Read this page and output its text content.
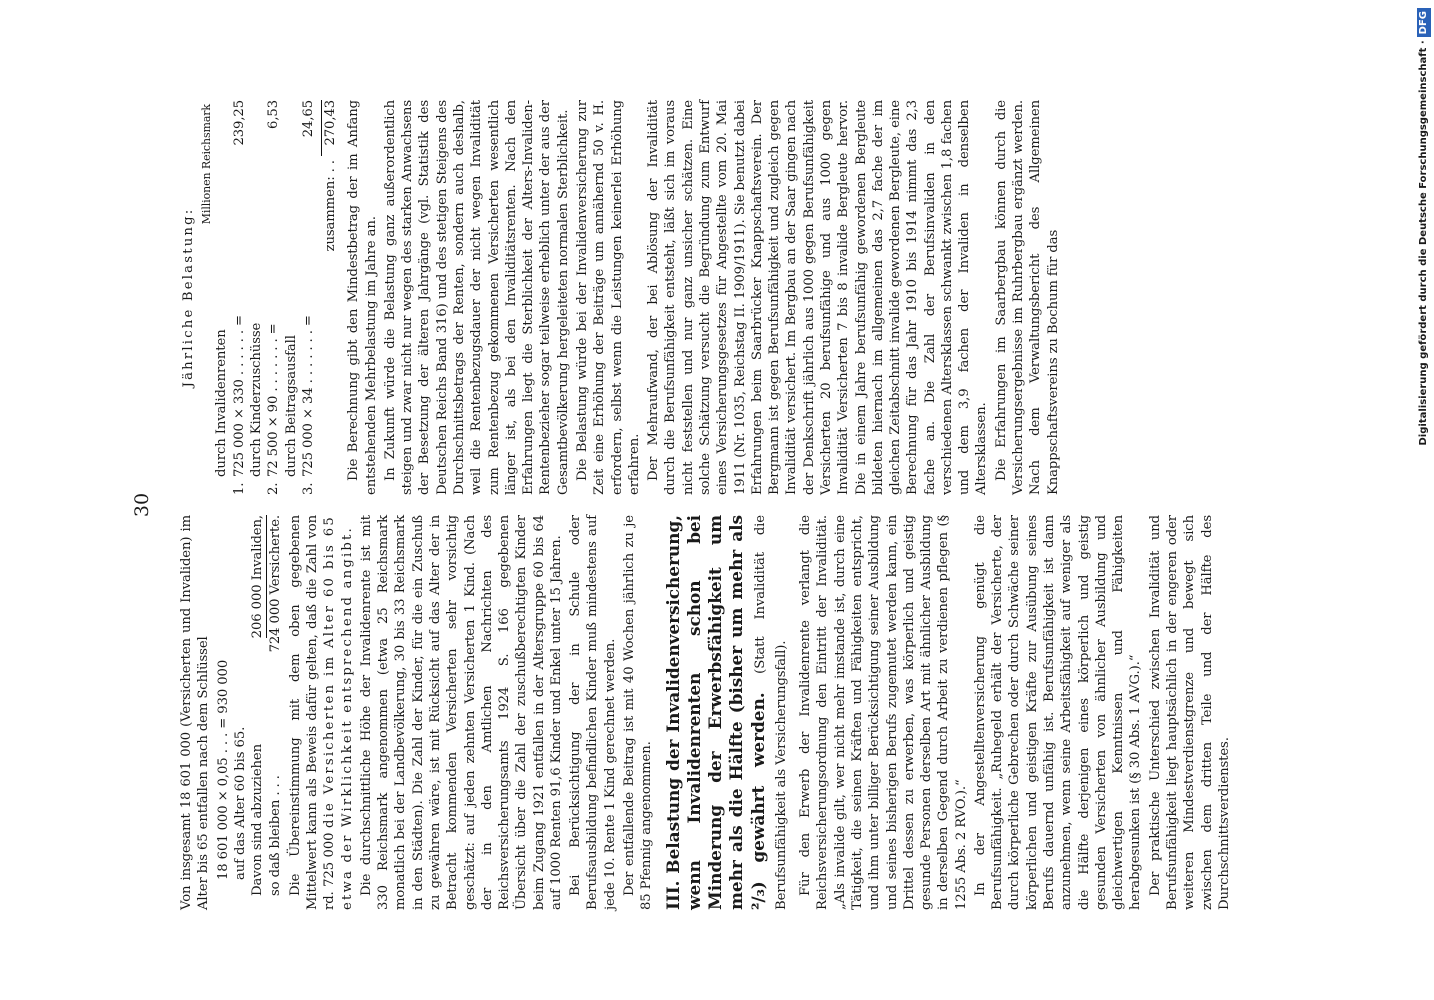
30

Von insgesamt 18 601 000 (Versicherten und Invaliden) im Alter bis 65 entfallen nach dem Schlüssel 18 601 000 × 0,05 . . . = 930 000 auf das Alter 60 bis 65. Davon sind abzuziehen
206 000 Invaliden,
so daß bleiben . . .
724 000 Versicherte. Die Übereinstimmung mit dem oben gegebenen Mittelwert kann als Beweis dafür gelten, daß die Zahl von rd. 725 000 die Versicherten im Alter 60 bis 65 etwa der Wirklichkeit entsprechend angibt. Die durchschnittliche Höhe der Invalidenrente ist mit 330 Reichsmark angenommen (etwa 25 Reichsmark monatlich bei der Landbevölkerung, 30 bis 33 Reichsmark in den Städten). Die Zahl der Kinder, für die ein Zuschuß zu gewähren wäre, ist mit Rücksicht auf das Alter der in Betracht kommenden Versicherten sehr vorsichtig geschätzt: auf jeden zehnten Versicherten 1 Kind. (Nach der in den Amtlichen Nachrichten des Reichsversicherungsamts 1924 S. 166 gegebenen Übersicht über die Zahl der zuschußberechtigten Kinder beim Zugang 1921 entfallen in der Altersgruppe 60 bis 64 auf 1000 Renten 91,6 Kinder und Enkel unter 15 Jahren. Bei Berücksichtigung der in Schule oder Berufsausbildung befindlichen Kinder muß mindestens auf jede 10. Rente 1 Kind gerechnet werden. Der entfallende Beitrag ist mit 40 Wochen jährlich zu je 85 Pfennig angenommen. III. Belastung der Invalidenversicherung, wenn Invalidenrenten schon bei Minderung der Erwerbsfähigkeit um mehr als die Hälfte (bisher um mehr als ²/₃) gewährt werden. (Statt Invalidität die Berufsunfähigkeit als Versicherungsfall). Für den Erwerb der Invalidenrente verlangt die Reichsversicherungsordnung den Eintritt der Invalidität. „Als invalide gilt, wer nicht mehr imstande ist, durch eine Tätigkeit, die seinen Kräften und Fähigkeiten entspricht, und ihm unter billiger Berücksichtigung seiner Ausbildung und seines bisherigen Berufs zugemutet werden kann, ein Drittel dessen zu erwerben, was körperlich und geistig gesunde Personen derselben Art mit ähnlicher Ausbildung in derselben Gegend durch Arbeit zu verdienen pflegen (§ 1255 Abs. 2 RVO.).“ In der Angestelltenversicherung genügt die Berufsunfähigkeit. „Ruhegeld erhält der Versicherte, der durch körperliche Gebrechen oder durch Schwäche seiner körperlichen und geistigen Kräfte zur Ausübung seines Berufs dauernd unfähig ist. Berufsunfähigkeit ist dann anzunehmen, wenn seine Arbeitsfähigkeit auf weniger als die Hälfte derjenigen eines körperlich und geistig gesunden Versicherten von ähnlicher Ausbildung und gleichwertigen Kenntnissen und Fähigkeiten herabgesunken ist (§ 30 Abs. 1 AVG.).“ Der praktische Unterschied zwischen Invalidität und Berufsunfähigkeit liegt hauptsächlich in der engeren oder weiteren Mindestverdienstgrenze und bewegt sich zwischen dem dritten Teile und der Hälfte des Durchschnittsverdienstes.

Jährliche Belastung:
Millionen Reichsmark
1.
durch Invalidenrenten 725 000 × 330 . . . . . . =
239,25
2.
durch Kinderzuschüsse 72 500 × 90 . . . . . . . =
6,53
3.
durch Beitragsausfall 725 000 × 34 . . . . . . . =
24,65
zusammen: . . 270,43 Die Berechnung gibt den Mindestbetrag der im Anfang entstehenden Mehrbelastung im Jahre an. In Zukunft würde die Belastung ganz außerordentlich steigen und zwar nicht nur wegen des starken Anwachsens der Besetzung der älteren Jahrgänge (vgl. Statistik des Deutschen Reichs Band 316) und des stetigen Steigens des Durchschnittsbetrags der Renten, sondern auch deshalb, weil die Rentenbezugsdauer der nicht wegen Invalidität zum Rentenbezug gekommenen Versicherten wesentlich länger ist, als bei den Invaliditätsrenten. Nach den Erfahrungen liegt die Sterblichkeit der Alters-Invaliden-Rentenbezieher sogar teilweise erheblich unter der aus der Gesamtbevölkerung hergeleiteten normalen Sterblichkeit. Die Belastung würde bei der Invalidenversicherung zur Zeit eine Erhöhung der Beiträge um annähernd 50 v. H. erfordern, selbst wenn die Leistungen keinerlei Erhöhung erfahren. Der Mehraufwand, der bei Ablösung der Invalidität durch die Berufsunfähigkeit entsteht, läßt sich im voraus nicht feststellen und nur ganz unsicher schätzen. Eine solche Schätzung versucht die Begründung zum Entwurf eines Versicherungsgesetzes für Angestellte vom 20. Mai 1911 (Nr. 1035, Reichstag II. 1909/1911). Sie benutzt dabei Erfahrungen beim Saarbrücker Knappschaftsverein. Der Bergmann ist gegen Berufsunfähigkeit und zugleich gegen Invalidität versichert. Im Bergbau an der Saar gingen nach der Denkschrift jährlich aus 1000 gegen Berufsunfähigkeit Versicherten 20 berufsunfähige und aus 1000 gegen Invalidität Versicherten 7 bis 8 invalide Bergleute hervor. Die in einem Jahre berufsunfähig gewordenen Bergleute bildeten hiernach im allgemeinen das 2,7 fache der im gleichen Zeitabschnitt invalide gewordenen Bergleute, eine Berechnung für das Jahr 1910 bis 1914 nimmt das 2,3 fache an. Die Zahl der Berufsinvaliden in den verschiedenen Altersklassen schwankt zwischen 1,8 fachen und dem 3,9 fachen der Invaliden in denselben Altersklassen. Die Erfahrungen im Saarbergbau können durch die Versicherungsergebnisse im Ruhrbergbau ergänzt werden. Nach dem Verwaltungsbericht des Allgemeinen Knappschaftsvereins zu Bochum für das	Digitalisierung gefördert durch die Deutsche Forschungsgemeinschaft ·DFG
